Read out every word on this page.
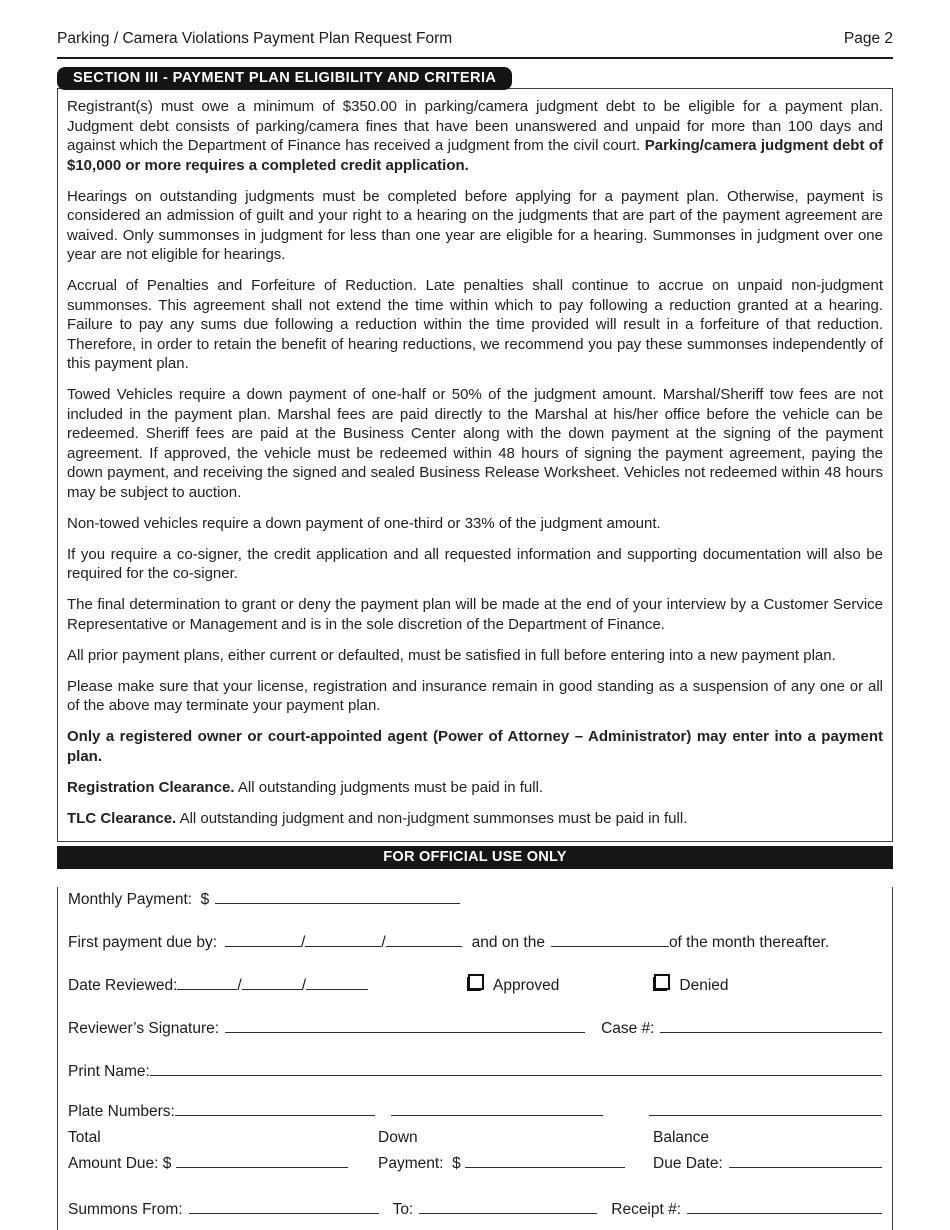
Parking / Camera Violations Payment Plan Request Form	Page 2
SECTION III - PAYMENT PLAN ELIGIBILITY AND CRITERIA

Registrant(s) must owe a minimum of $350.00 in parking/camera judgment debt to be eligible for a payment plan. Judgment debt consists of parking/camera fines that have been unanswered and unpaid for more than 100 days and against which the Department of Finance has received a judgment from the civil court. Parking/camera judgment debt of $10,000 or more requires a completed credit application.

Hearings on outstanding judgments must be completed before applying for a payment plan. Otherwise, payment is considered an admission of guilt and your right to a hearing on the judgments that are part of the payment agreement are waived. Only summonses in judgment for less than one year are eligible for a hearing. Summonses in judgment over one year are not eligible for hearings.

Accrual of Penalties and Forfeiture of Reduction. Late penalties shall continue to accrue on unpaid non-judgment summonses. This agreement shall not extend the time within which to pay following a reduction granted at a hearing. Failure to pay any sums due following a reduction within the time provided will result in a forfeiture of that reduction. Therefore, in order to retain the benefit of hearing reductions, we recommend you pay these summonses independently of this payment plan.

Towed Vehicles require a down payment of one-half or 50% of the judgment amount. Marshal/Sheriff tow fees are not included in the payment plan. Marshal fees are paid directly to the Marshal at his/her office before the vehicle can be redeemed. Sheriff fees are paid at the Business Center along with the down payment at the signing of the payment agreement. If approved, the vehicle must be redeemed within 48 hours of signing the payment agreement, paying the down payment, and receiving the signed and sealed Business Release Worksheet. Vehicles not redeemed within 48 hours may be subject to auction.

Non-towed vehicles require a down payment of one-third or 33% of the judgment amount.

If you require a co-signer, the credit application and all requested information and supporting documentation will also be required for the co-signer.

The final determination to grant or deny the payment plan will be made at the end of your interview by a Customer Service Representative or Management and is in the sole discretion of the Department of Finance.

All prior payment plans, either current or defaulted, must be satisfied in full before entering into a new payment plan.

Please make sure that your license, registration and insurance remain in good standing as a suspension of any one or all of the above may terminate your payment plan.

Only a registered owner or court-appointed agent (Power of Attorney – Administrator) may enter into a payment plan.

Registration Clearance. All outstanding judgments must be paid in full.

TLC Clearance. All outstanding judgment and non-judgment summonses must be paid in full.

FOR OFFICIAL USE ONLY
Monthly Payment:  $
First payment due by:	/	/	and on the	of the month thereafter.
Date Reviewed:	/	/	Approved	Denied
Reviewer’s Signature:	Case #:
Print Name:
Plate Numbers:
Total
Amount Due: $
Down
Payment:  $
Balance
Due Date:
Summons From:	To:	Receipt #:
